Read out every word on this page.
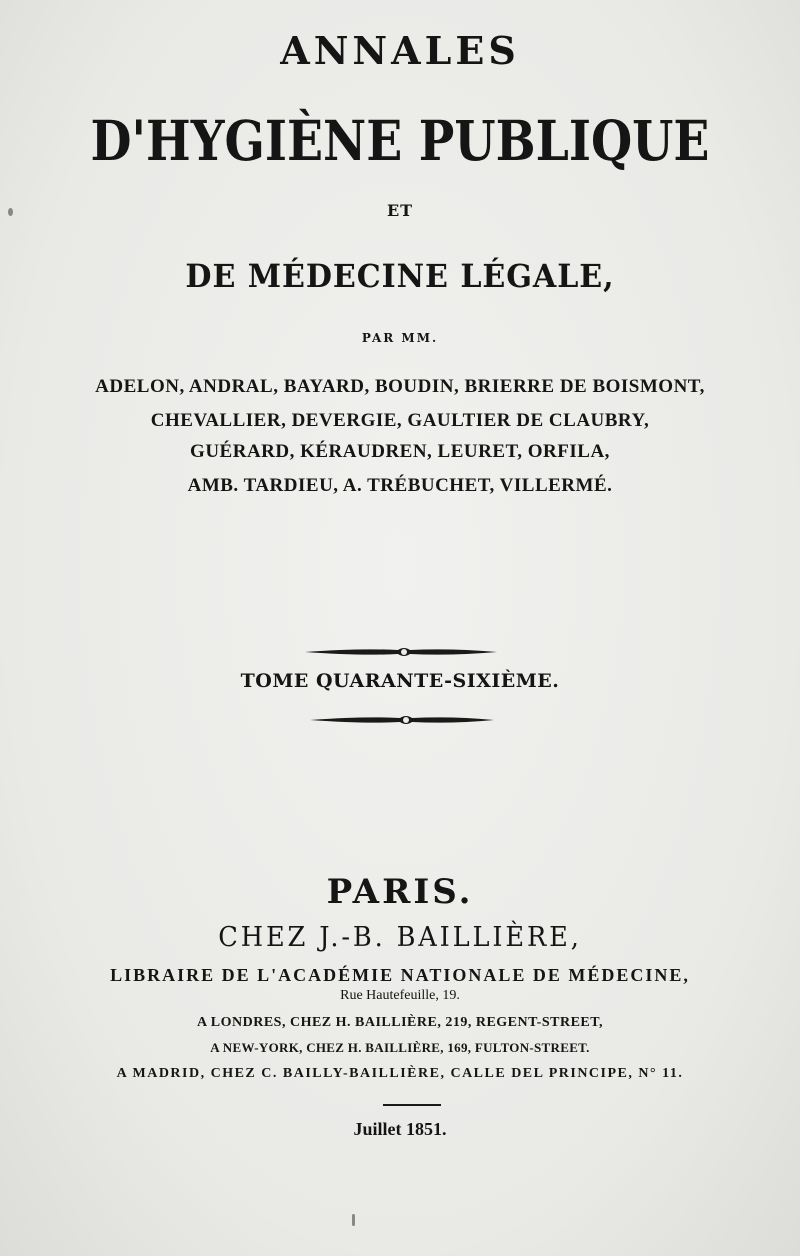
ANNALES
D'HYGIÈNE PUBLIQUE
ET
DE MÉDECINE LÉGALE,
PAR MM.
ADELON, ANDRAL, BAYARD, BOUDIN, BRIERRE DE BOISMONT,
CHEVALLIER, DEVERGIE, GAULTIER DE CLAUBRY,
GUÉRARD, KÉRAUDREN, LEURET, ORFILA,
AMB. TARDIEU, A. TRÉBUCHET, VILLERMÉ.
TOME QUARANTE-SIXIÈME.
PARIS.
CHEZ J.-B. BAILLIÈRE,
LIBRAIRE DE L'ACADÉMIE NATIONALE DE MÉDECINE,
Rue Hautefeuille, 19.
A LONDRES, CHEZ H. BAILLIÈRE, 219, REGENT-STREET,
A NEW-YORK, CHEZ H. BAILLIÈRE, 169, FULTON-STREET.
A MADRID, CHEZ C. BAILLY-BAILLIÈRE, CALLE DEL PRINCIPE, N° 11.
Juillet 1851.
